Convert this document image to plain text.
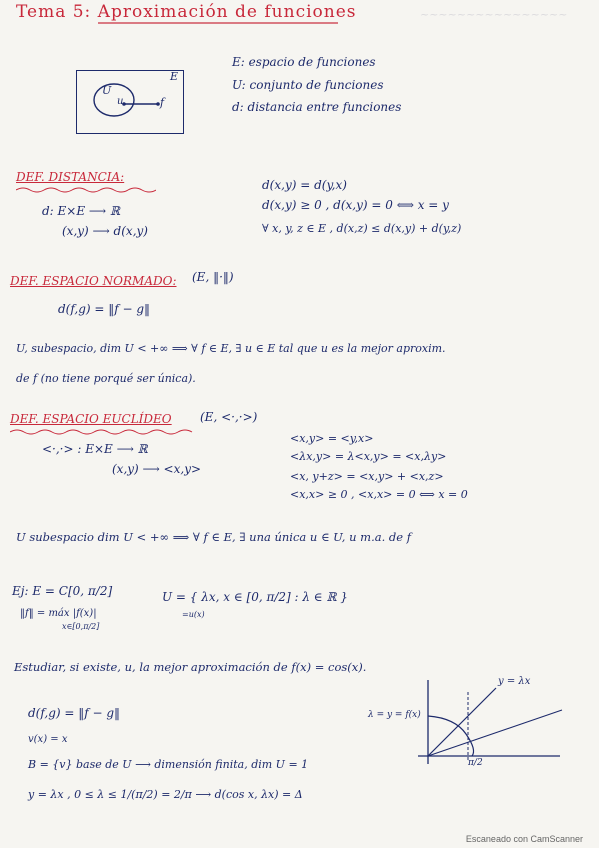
~~~~~~~~~~~~~~~~
Tema 5: Aproximación de funciones
E
U
u	f
E: espacio de funciones
U: conjunto de funciones
d: distancia entre funciones
DEF. DISTANCIA:
d: E×E ⟶ ℝ
(x,y) ⟶ d(x,y)
d(x,y) = d(y,x)
d(x,y) ≥ 0 , d(x,y) = 0 ⟺ x = y
∀ x, y, z ∈ E , d(x,z) ≤ d(x,y) + d(y,z)
DEF. ESPACIO NORMADO: (E, ‖·‖)
d(f,g) = ‖f − g‖
U, subespacio, dim U < +∞ ⟹ ∀ f ∈ E, ∃ u ∈ E tal que u es la mejor aproxim.
de f (no tiene porqué ser única).
DEF. ESPACIO EUCLÍDEO (E, <·,·>)
<·,·> : E×E ⟶ ℝ
(x,y) ⟶ <x,y>
<x,y> = <y,x>
<λx,y> = λ<x,y> = <x,λy>
<x, y+z> = <x,y> + <x,z>
<x,x> ≥ 0 , <x,x> = 0 ⟺ x = 0
U subespacio dim U < +∞ ⟹ ∀ f ∈ E, ∃ una única u ∈ U, u m.a. de f
Ej: E = C[0, π/2]	U = { λx, x ∈ [0, π/2] : λ ∈ ℝ }
=u(x)
‖f‖ = máx |f(x)|
x∈[0,π/2]
Estudiar, si existe, u, la mejor aproximación de f(x) = cos(x).
d(f,g) = ‖f − g‖
v(x) = x
B = {v} base de U ⟶ dimensión finita, dim U = 1
y = λx , 0 ≤ λ ≤ 1/(π/2) = 2/π ⟶ d(cos x, λx) = Δ
y = λx
λ = y = f(x)
π/2
Escaneado con CamScanner
